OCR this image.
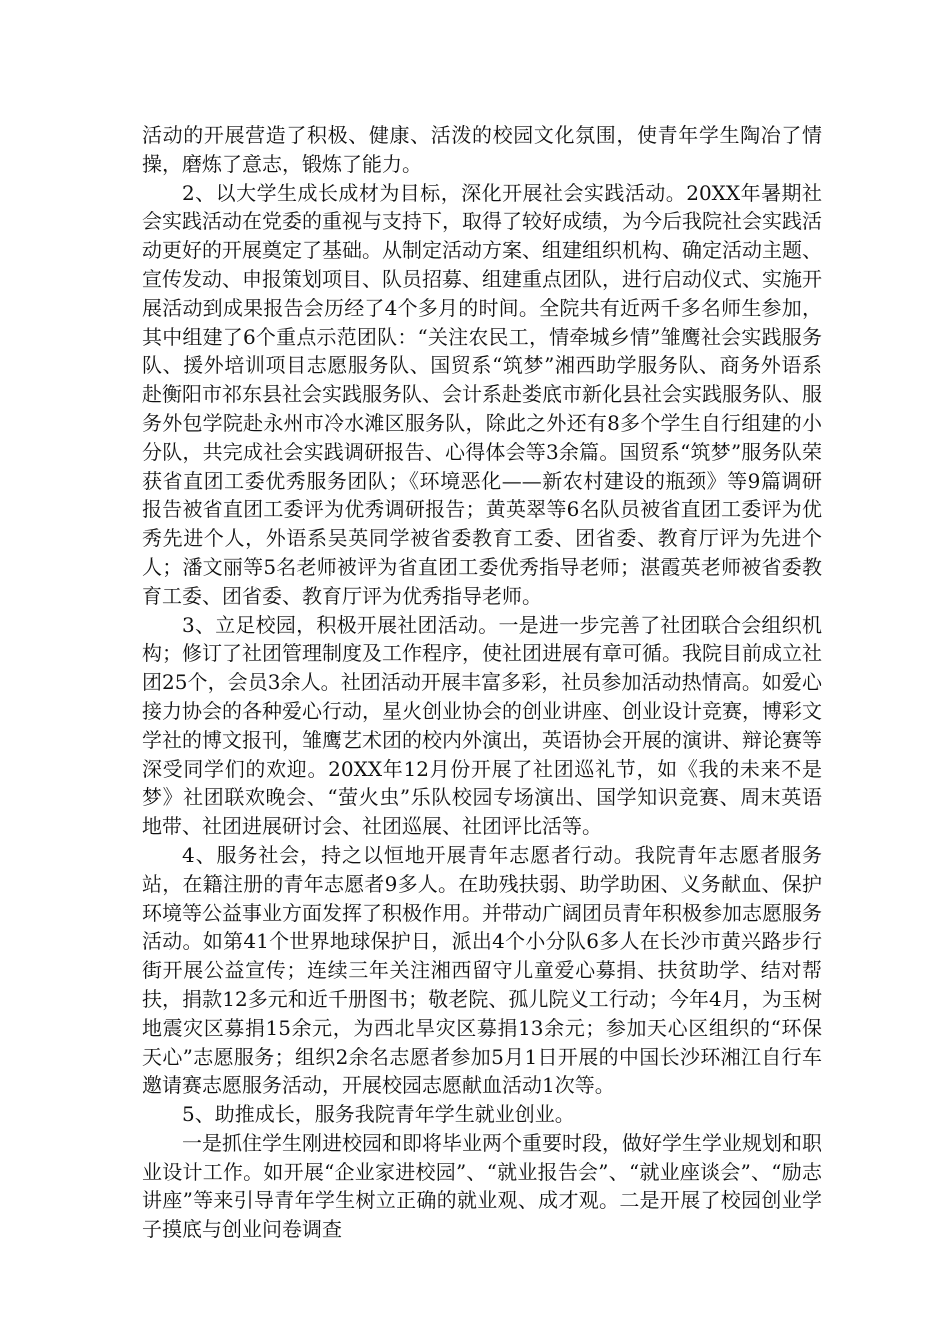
活动的开展营造了积极、健康、活泼的校园文化氛围，使青年学生陶冶了情操，磨炼了意志，锻炼了能力。

2、以大学生成长成材为目标，深化开展社会实践活动。20XX年暑期社会实践活动在党委的重视与支持下，取得了较好成绩，为今后我院社会实践活动更好的开展奠定了基础。从制定活动方案、组建组织机构、确定活动主题、宣传发动、申报策划项目、队员招募、组建重点团队，进行启动仪式、实施开展活动到成果报告会历经了4个多月的时间。全院共有近两千多名师生参加，其中组建了6个重点示范团队：“关注农民工，情牵城乡情”雏鹰社会实践服务队、援外培训项目志愿服务队、国贸系“筑梦”湘西助学服务队、商务外语系赴衡阳市祁东县社会实践服务队、会计系赴娄底市新化县社会实践服务队、服务外包学院赴永州市冷水滩区服务队，除此之外还有8多个学生自行组建的小分队，共完成社会实践调研报告、心得体会等3余篇。国贸系“筑梦”服务队荣获省直团工委优秀服务团队；《环境恶化——新农村建设的瓶颈》等9篇调研报告被省直团工委评为优秀调研报告；黄英翠等6名队员被省直团工委评为优秀先进个人，外语系吴英同学被省委教育工委、团省委、教育厅评为先进个人；潘文丽等5名老师被评为省直团工委优秀指导老师；湛霞英老师被省委教育工委、团省委、教育厅评为优秀指导老师。

3、立足校园，积极开展社团活动。一是进一步完善了社团联合会组织机构；修订了社团管理制度及工作程序，使社团进展有章可循。我院目前成立社团25个，会员3余人。社团活动开展丰富多彩，社员参加活动热情高。如爱心接力协会的各种爱心行动，星火创业协会的创业讲座、创业设计竞赛，博彩文学社的博文报刊，雏鹰艺术团的校内外演出，英语协会开展的演讲、辩论赛等深受同学们的欢迎。20XX年12月份开展了社团巡礼节，如《我的未来不是梦》社团联欢晚会、“萤火虫”乐队校园专场演出、国学知识竞赛、周末英语地带、社团进展研讨会、社团巡展、社团评比活等。

4、服务社会，持之以恒地开展青年志愿者行动。我院青年志愿者服务站，在籍注册的青年志愿者9多人。在助残扶弱、助学助困、义务献血、保护环境等公益事业方面发挥了积极作用。并带动广阔团员青年积极参加志愿服务活动。如第41个世界地球保护日，派出4个小分队6多人在长沙市黄兴路步行街开展公益宣传；连续三年关注湘西留守儿童爱心募捐、扶贫助学、结对帮扶，捐款12多元和近千册图书；敬老院、孤儿院义工行动；今年4月，为玉树地震灾区募捐15余元，为西北旱灾区募捐13余元；参加天心区组织的“环保天心”志愿服务；组织2余名志愿者参加5月1日开展的中国长沙环湘江自行车邀请赛志愿服务活动，开展校园志愿献血活动1次等。

5、助推成长，服务我院青年学生就业创业。

一是抓住学生刚进校园和即将毕业两个重要时段，做好学生学业规划和职业设计工作。如开展“企业家进校园”、“就业报告会”、“就业座谈会”、“励志讲座”等来引导青年学生树立正确的就业观、成才观。二是开展了校园创业学子摸底与创业问卷调查
